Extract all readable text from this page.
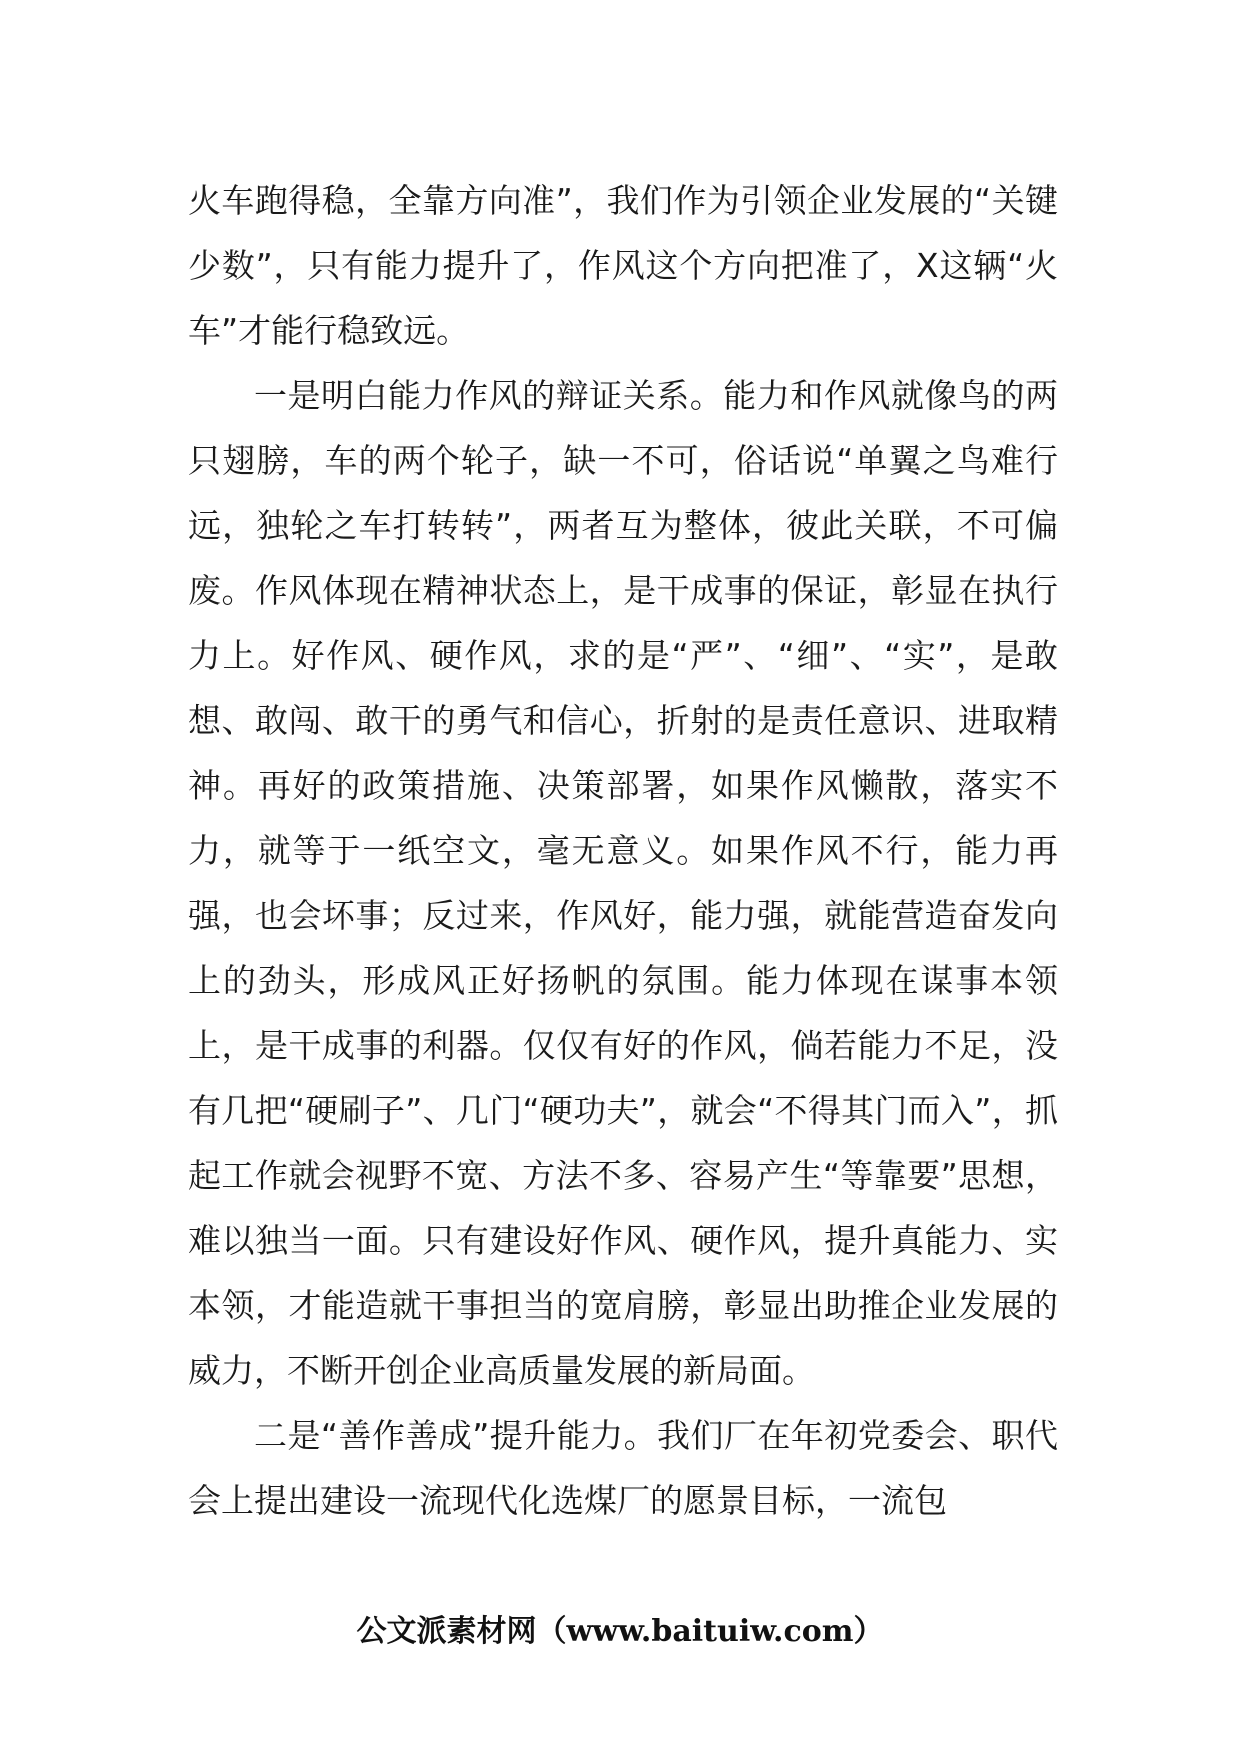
火车跑得稳，全靠方向准”，我们作为引领企业发展的“关键少数”，只有能力提升了，作风这个方向把准了，X这辆“火车”才能行稳致远。

一是明白能力作风的辩证关系。能力和作风就像鸟的两只翅膀，车的两个轮子，缺一不可，俗话说“单翼之鸟难行远，独轮之车打转转”，两者互为整体，彼此关联，不可偏废。作风体现在精神状态上，是干成事的保证，彰显在执行力上。好作风、硬作风，求的是“严”、“细”、“实”，是敢想、敢闯、敢干的勇气和信心，折射的是责任意识、进取精神。再好的政策措施、决策部署，如果作风懒散，落实不力，就等于一纸空文，毫无意义。如果作风不行，能力再强，也会坏事；反过来，作风好，能力强，就能营造奋发向上的劲头，形成风正好扬帆的氛围。能力体现在谋事本领上，是干成事的利器。仅仅有好的作风，倘若能力不足，没有几把“硬刷子”、几门“硬功夫”，就会“不得其门而入”，抓起工作就会视野不宽、方法不多、容易产生“等靠要”思想，难以独当一面。只有建设好作风、硬作风，提升真能力、实本领，才能造就干事担当的宽肩膀，彰显出助推企业发展的威力，不断开创企业高质量发展的新局面。

二是“善作善成”提升能力。我们厂在年初党委会、职代会上提出建设一流现代化选煤厂的愿景目标，一流包

公文派素材网（www.baituiw.com）
